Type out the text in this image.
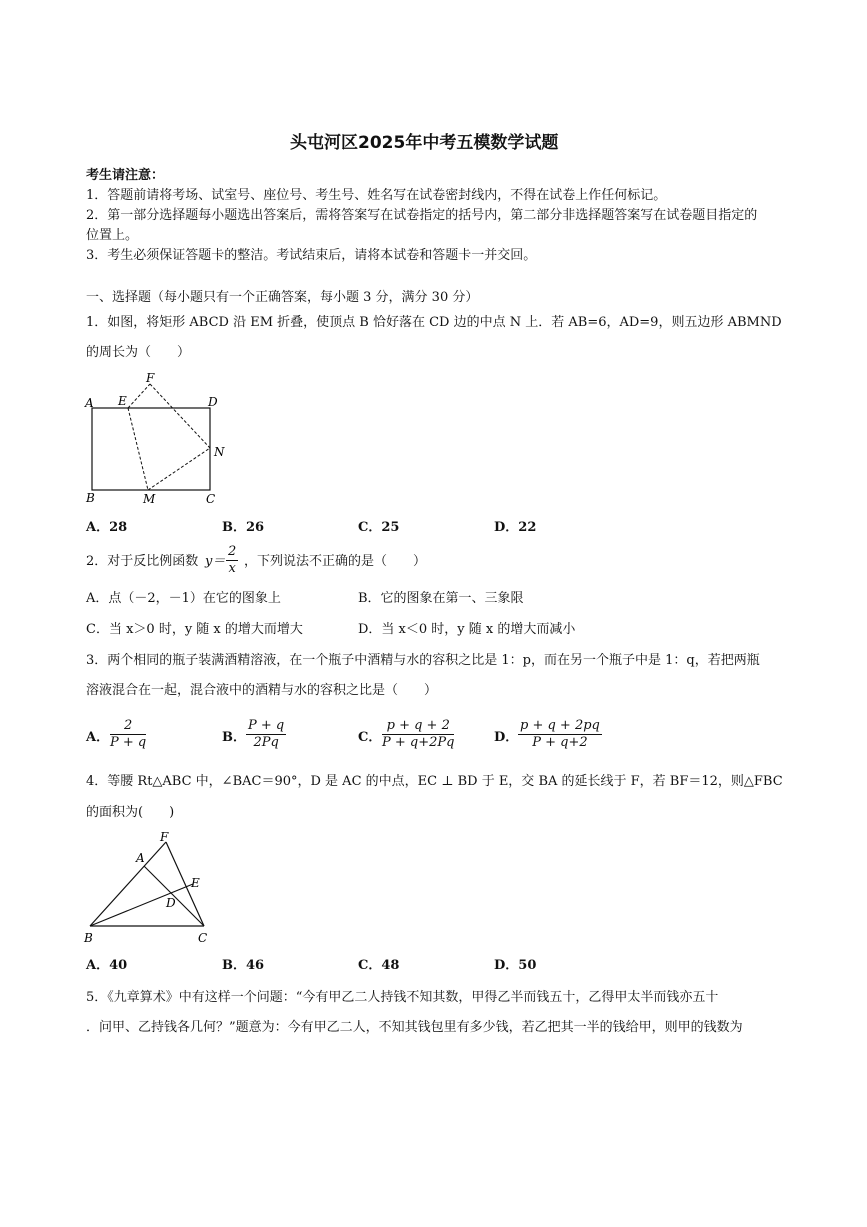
头屯河区2025年中考五模数学试题
考生请注意：
1．答题前请将考场、试室号、座位号、考生号、姓名写在试卷密封线内，不得在试卷上作任何标记。
2．第一部分选择题每小题选出答案后，需将答案写在试卷指定的括号内，第二部分非选择题答案写在试卷题目指定的
位置上。
3．考生必须保证答题卡的整洁。考试结束后，请将本试卷和答题卡一并交回。
一、选择题（每小题只有一个正确答案，每小题 3 分，满分 30 分）
1．如图，将矩形 ABCD 沿 EM 折叠，使顶点 B 恰好落在 CD 边的中点 N 上．若 AB=6，AD=9，则五边形 ABMND
的周长为（　　）
A E
F
D
N
B	M	C
A．28	B．26	C．25	D．22
2．对于反比例函数 $y= \frac{2}{x}$ ，下列说法不正确的是（　　）
A．点（－2，－1）在它的图象上	B．它的图象在第一、三象限
C．当 x＞0 时，y 随 x 的增大而增大	D．当 x＜0 时，y 随 x 的增大而减小
3．两个相同的瓶子装满酒精溶液，在一个瓶子中酒精与水的容积之比是 1：p，而在另一个瓶子中是 1：q，若把两瓶
溶液混合在一起，混合液中的酒精与水的容积之比是（　　）
A． $\frac{2}{P + q}$	B． $\frac{P + q}{2Pq}$	C． $\frac{p + q + 2}{P + q+2Pq}$	D． $\frac{p + q + 2pq}{P + q+2}$
4．等腰 Rt△ABC 中，∠BAC＝90°，D 是 AC 的中点，EC ⊥ BD 于 E，交 BA 的延长线于 F，若 BF＝12，则△FBC
的面积为(　　)
F
A
E
D
B	C
A．40	B．46	C．48	D．50
5．《九章算术》中有这样一个问题：“今有甲乙二人持钱不知其数，甲得乙半而钱五十，乙得甲太半而钱亦五十
．问甲、乙持钱各几何？”题意为：今有甲乙二人，不知其钱包里有多少钱，若乙把其一半的钱给甲，则甲的钱数为
